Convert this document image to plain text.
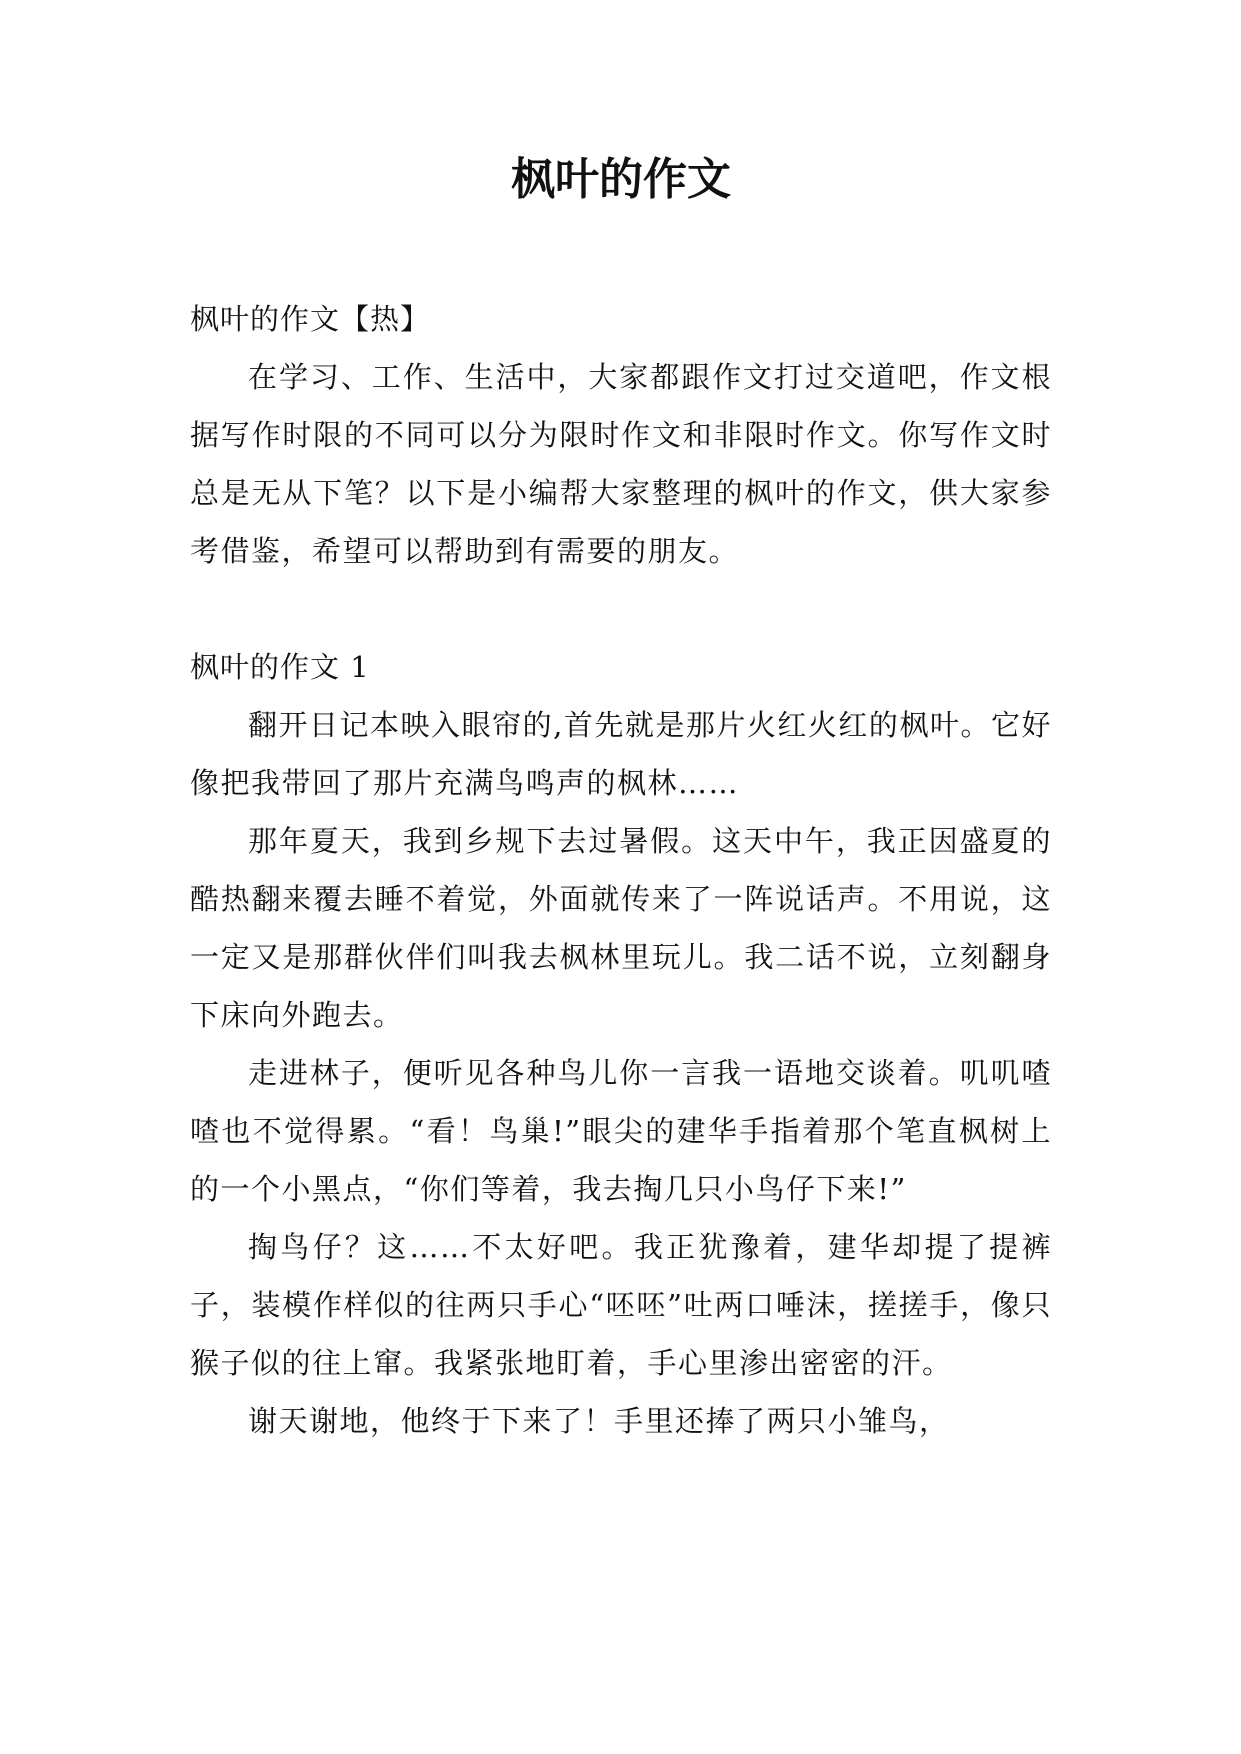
枫叶的作文

枫叶的作文【热】

在学习、工作、生活中，大家都跟作文打过交道吧，作文根据写作时限的不同可以分为限时作文和非限时作文。你写作文时总是无从下笔？以下是小编帮大家整理的枫叶的作文，供大家参考借鉴，希望可以帮助到有需要的朋友。

枫叶的作文 1

翻开日记本映入眼帘的,首先就是那片火红火红的枫叶。它好像把我带回了那片充满鸟鸣声的枫林……

那年夏天，我到乡规下去过暑假。这天中午，我正因盛夏的酷热翻来覆去睡不着觉，外面就传来了一阵说话声。不用说，这一定又是那群伙伴们叫我去枫林里玩儿。我二话不说，立刻翻身下床向外跑去。

走进林子，便听见各种鸟儿你一言我一语地交谈着。叽叽喳喳也不觉得累。“看！鸟巢!”眼尖的建华手指着那个笔直枫树上的一个小黑点，“你们等着，我去掏几只小鸟仔下来!”

掏鸟仔？这……不太好吧。我正犹豫着，建华却提了提裤子，装模作样似的往两只手心“呸呸”吐两口唾沫，搓搓手，像只猴子似的往上窜。我紧张地盯着，手心里渗出密密的汗。

谢天谢地，他终于下来了！手里还捧了两只小雏鸟，
